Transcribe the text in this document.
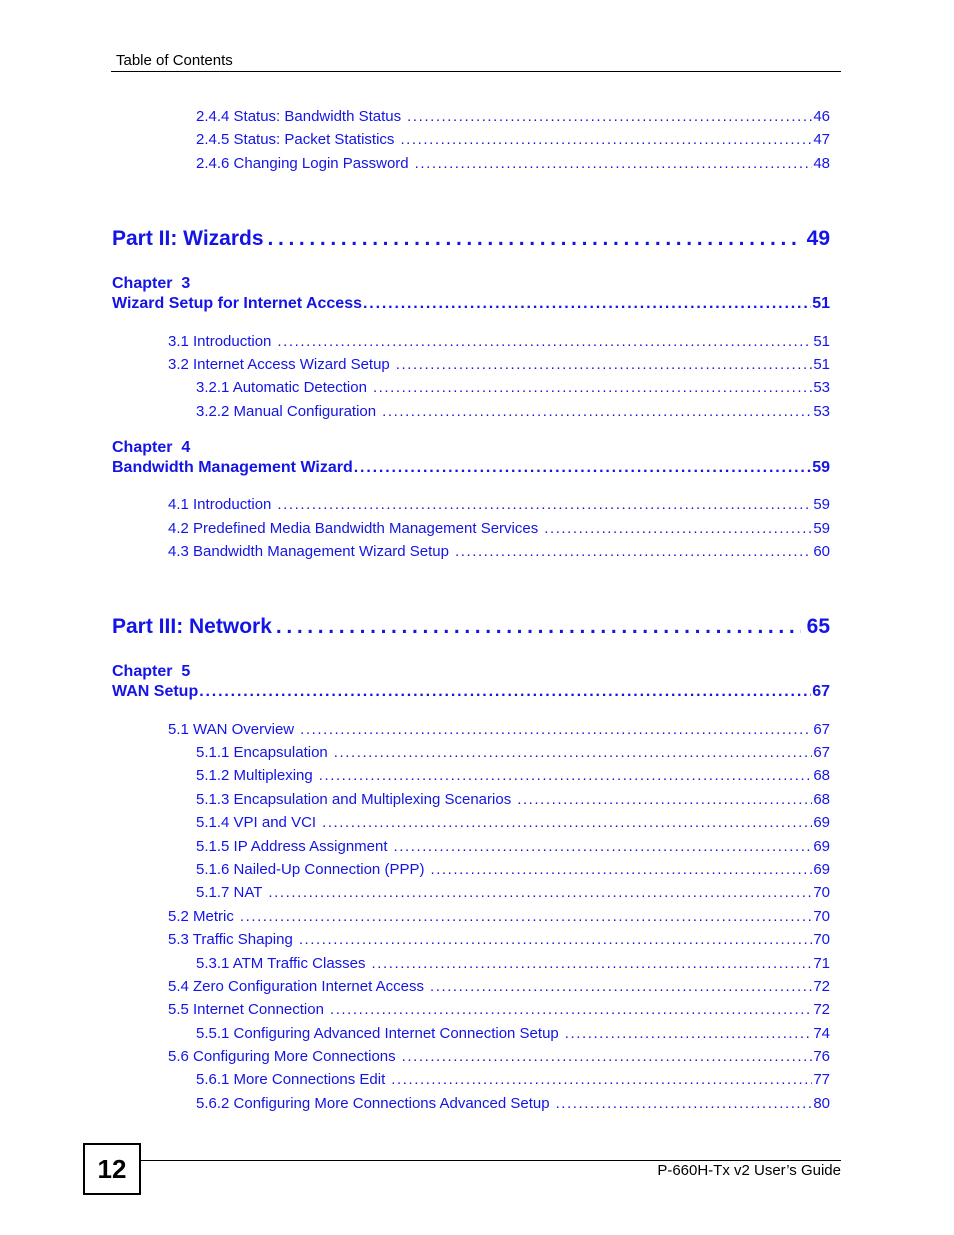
Table of Contents
2.4.4 Status: Bandwidth Status . . .	46
2.4.5 Status: Packet Statistics . . .	47
2.4.6 Changing Login Password . . .	48
Part II: Wizards . . .	49
Chapter  3
Wizard Setup for Internet Access . . .	51
3.1 Introduction . . .	51
3.2 Internet Access Wizard Setup . . .	51
3.2.1 Automatic Detection . . .	53
3.2.2 Manual Configuration . . .	53
Chapter  4
Bandwidth Management Wizard . . .	59
4.1 Introduction . . .	59
4.2 Predefined Media Bandwidth Management Services . . .	59
4.3 Bandwidth Management Wizard Setup . . .	60
Part III: Network . . .	65
Chapter  5
WAN Setup . . .	67
5.1 WAN Overview . . .	67
5.1.1 Encapsulation . . .	67
5.1.2 Multiplexing . . .	68
5.1.3 Encapsulation and Multiplexing Scenarios . . .	68
5.1.4 VPI and VCI . . .	69
5.1.5 IP Address Assignment . . .	69
5.1.6 Nailed-Up Connection (PPP) . . .	69
5.1.7 NAT . . .	70
5.2 Metric . . .	70
5.3 Traffic Shaping . . .	70
5.3.1 ATM Traffic Classes . . .	71
5.4 Zero Configuration Internet Access . . .	72
5.5 Internet Connection . . .	72
5.5.1 Configuring Advanced Internet Connection Setup . . .	74
5.6 Configuring More Connections . . .	76
5.6.1 More Connections Edit . . .	77
5.6.2 Configuring More Connections Advanced Setup . . .	80
12	P-660H-Tx v2 User’s Guide
